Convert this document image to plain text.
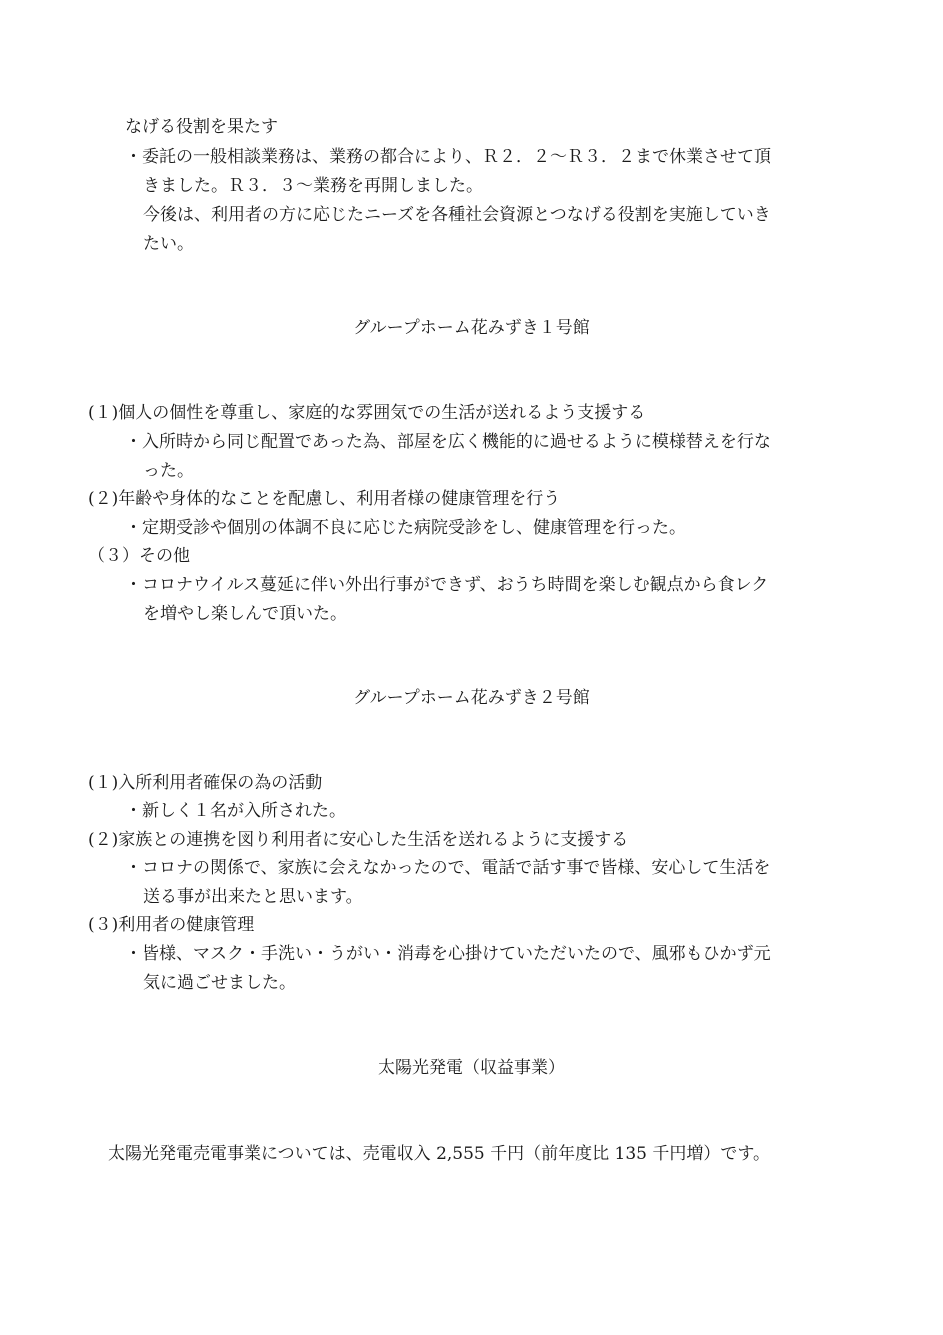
なげる役割を果たす
・委託の一般相談業務は、業務の都合により、Ｒ２．２～Ｒ３．２まで休業させて頂
きました。Ｒ３．３～業務を再開しました。
今後は、利用者の方に応じたニーズを各種社会資源とつなげる役割を実施していき
たい。
グループホーム花みずき１号館
(１)個人の個性を尊重し、家庭的な雰囲気での生活が送れるよう支援する
・入所時から同じ配置であった為、部屋を広く機能的に過せるように模様替えを行な
った。
(２)年齢や身体的なことを配慮し、利用者様の健康管理を行う
・定期受診や個別の体調不良に応じた病院受診をし、健康管理を行った。
（３）その他
・コロナウイルス蔓延に伴い外出行事ができず、おうち時間を楽しむ観点から食レク
を増やし楽しんで頂いた。
グループホーム花みずき２号館
(１)入所利用者確保の為の活動
・新しく１名が入所された。
(２)家族との連携を図り利用者に安心した生活を送れるように支援する
・コロナの関係で、家族に会えなかったので、電話で話す事で皆様、安心して生活を
送る事が出来たと思います。
(３)利用者の健康管理
・皆様、マスク・手洗い・うがい・消毒を心掛けていただいたので、風邪もひかず元
気に過ごせました。
太陽光発電（収益事業）
太陽光発電売電事業については、売電収入 2,555 千円（前年度比 135 千円増）です。
